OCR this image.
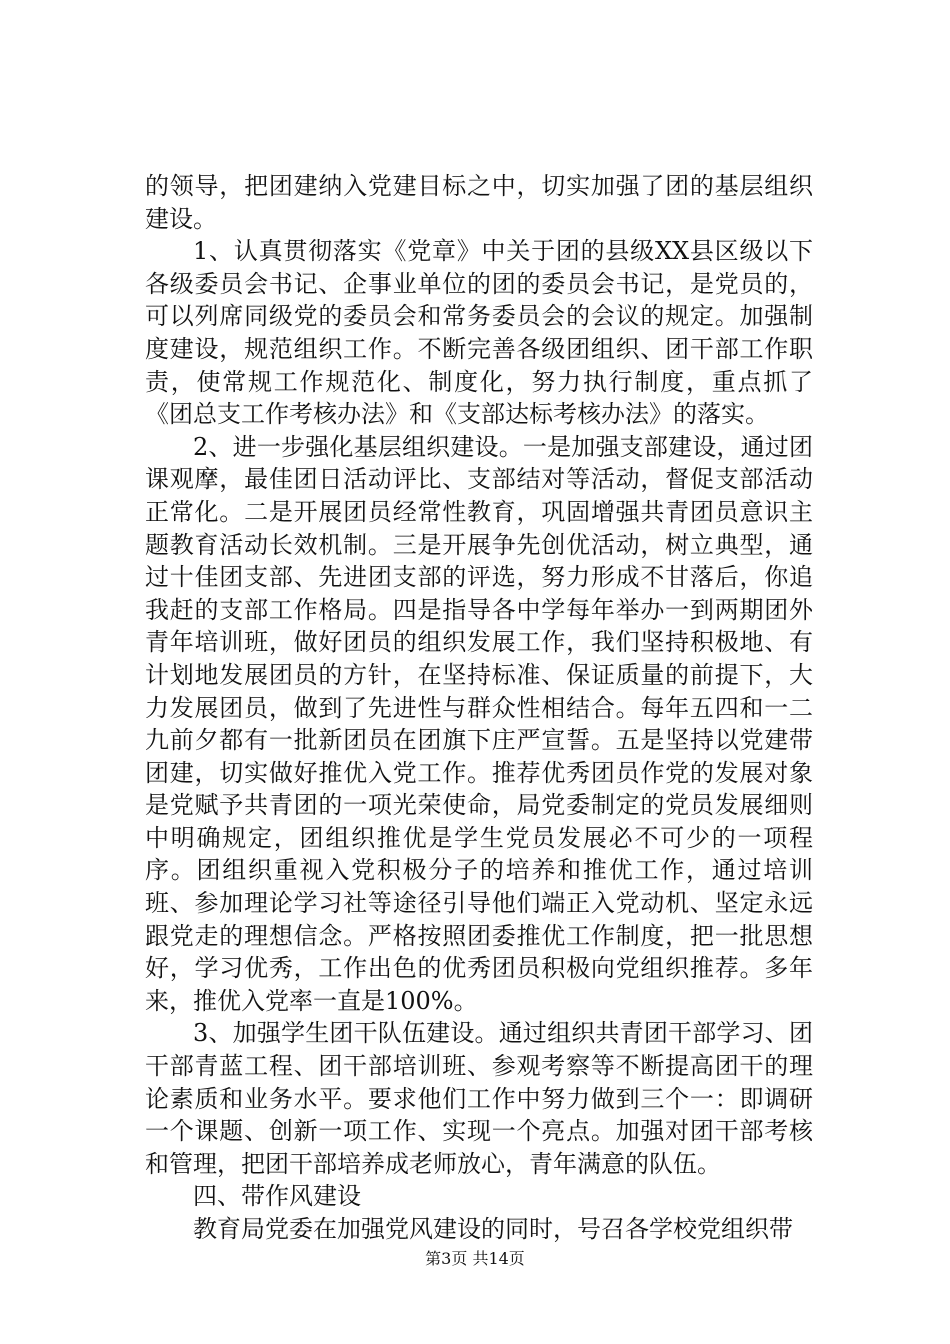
的领导，把团建纳入党建目标之中，切实加强了团的基层组织建设。

1、认真贯彻落实《党章》中关于团的县级XX县区级以下各级委员会书记、企事业单位的团的委员会书记，是党员的，可以列席同级党的委员会和常务委员会的会议的规定。加强制度建设，规范组织工作。不断完善各级团组织、团干部工作职责，使常规工作规范化、制度化，努力执行制度，重点抓了《团总支工作考核办法》和《支部达标考核办法》的落实。

2、进一步强化基层组织建设。一是加强支部建设，通过团课观摩，最佳团日活动评比、支部结对等活动，督促支部活动正常化。二是开展团员经常性教育，巩固增强共青团员意识主题教育活动长效机制。三是开展争先创优活动，树立典型，通过十佳团支部、先进团支部的评选，努力形成不甘落后，你追我赶的支部工作格局。四是指导各中学每年举办一到两期团外青年培训班，做好团员的组织发展工作，我们坚持积极地、有计划地发展团员的方针，在坚持标准、保证质量的前提下，大力发展团员，做到了先进性与群众性相结合。每年五四和一二九前夕都有一批新团员在团旗下庄严宣誓。五是坚持以党建带团建，切实做好推优入党工作。推荐优秀团员作党的发展对象是党赋予共青团的一项光荣使命，局党委制定的党员发展细则中明确规定，团组织推优是学生党员发展必不可少的一项程序。团组织重视入党积极分子的培养和推优工作，通过培训班、参加理论学习社等途径引导他们端正入党动机、坚定永远跟党走的理想信念。严格按照团委推优工作制度，把一批思想好，学习优秀，工作出色的优秀团员积极向党组织推荐。多年来，推优入党率一直是100%。

3、加强学生团干队伍建设。通过组织共青团干部学习、团干部青蓝工程、团干部培训班、参观考察等不断提高团干的理论素质和业务水平。要求他们工作中努力做到三个一：即调研一个课题、创新一项工作、实现一个亮点。加强对团干部考核和管理，把团干部培养成老师放心，青年满意的队伍。

四、带作风建设

教育局党委在加强党风建设的同时，号召各学校党组织带

第3页 共14页
